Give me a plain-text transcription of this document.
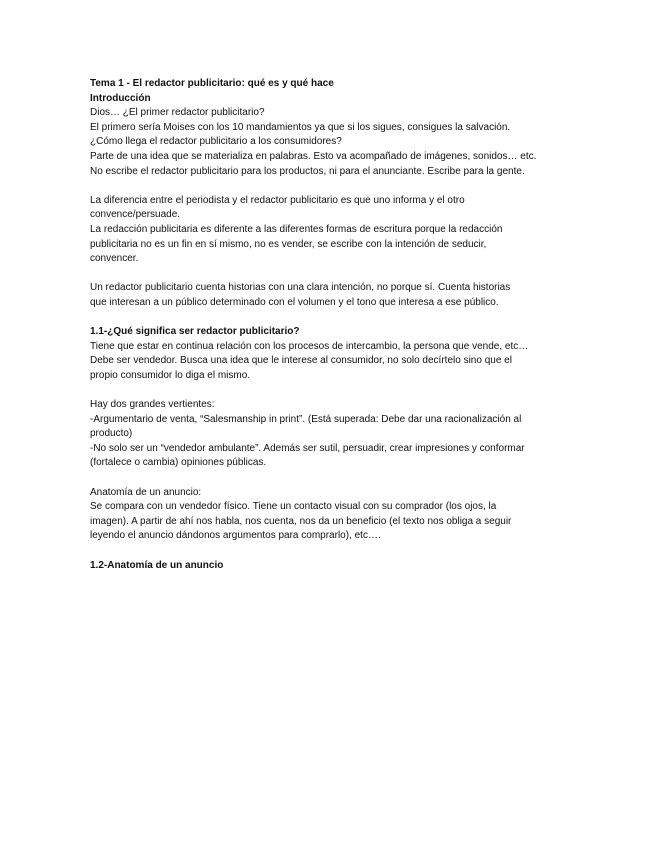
Tema 1 - El redactor publicitario: qué es y qué hace

Introducción

Dios… ¿El primer redactor publicitario?

El primero sería Moises con los 10 mandamientos ya que si los sigues, consigues la salvación.

¿Cómo llega el redactor publicitario a los consumidores?

Parte de una idea que se materializa en palabras. Esto va acompañado de imágenes, sonidos… etc.

No escribe el redactor publicitario para los productos, ni para el anunciante. Escribe para la gente.

La diferencia entre el periodista y el redactor publicitario es que uno informa y el otro

convence/persuade.

La redacción publicitaria es diferente a las diferentes formas de escritura porque la redacción

publicitaria no es un fin en sí mismo, no es vender, se escribe con la intención de seducir,

convencer.

Un redactor publicitario cuenta historias con una clara intención, no porque sí. Cuenta historias

que interesan a un público determinado con el volumen y el tono que interesa a ese público.

1.1-¿Qué significa ser redactor publicitario?

Tiene que estar en continua relación con los procesos de intercambio, la persona que vende, etc…

Debe ser vendedor. Busca una idea que le interese al consumidor, no solo decírtelo sino que el

propio consumidor lo diga el mismo.

Hay dos grandes vertientes:

-Argumentario de venta, “Salesmanship in print”. (Está superada: Debe dar una racionalización al

producto)

-No solo ser un “vendedor ambulante”. Además ser sutil, persuadir, crear impresiones y conformar

(fortalece o cambia) opiniones públicas.

Anatomía de un anuncio:

Se compara con un vendedor físico. Tiene un contacto visual con su comprador (los ojos, la

imagen). A partir de ahí nos habla, nos cuenta, nos da un beneficio (el texto nos obliga a seguir

leyendo el anuncio dándonos argumentos para comprarlo), etc….

1.2-Anatomía de un anuncio
